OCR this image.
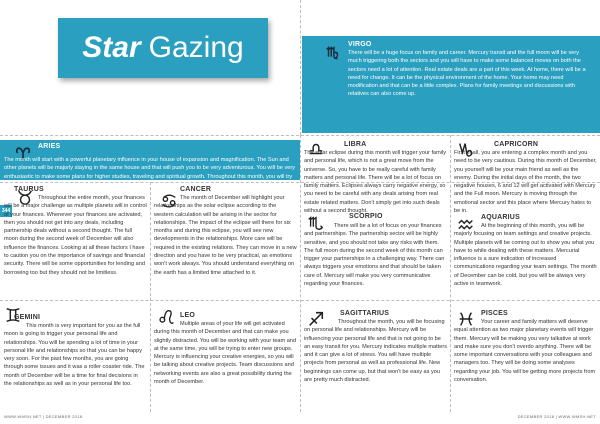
Star Gazing	VIRGO
There will be a huge focus on family and career. Mercury transit and the full moon will be very much triggering both the sectors and you will have to make some balanced moves on both the sectors need a lot of attention. Real estate deals are a part of this week. At home, there will be a need for change. It can be the physical environment of the home. Your home may need modification and that can be a little complex. Plans for family meetings and discussions with relatives can also come up.
ARIES
The month will start with a powerful planetary influence in your house of expansion and magnification. The Sun and other planets will be majorly staying in the same house and that will push you to be very adventurous. You will be very enthusiastic to make some plans for higher studies, traveling and spiritual growth. Throughout this month, you will try to be more spiritual and there will be more interactions with spiritual people.
LIBRA
The solar eclipse during this month will trigger your family and personal life, which is not a great move from the universe. So, you have to be really careful with family matters and personal life. There will be a lot of focus on family matters. Eclipses always carry negative energy, so you need to be careful with any deals arising from real estate related matters. Don't simply get into such deals without a second thought.
CAPRICORN
First of all, you are entering a complex month and you need to be very cautious. During this month of December, you yourself will be your main friend as well as the enemy. During the initial days of the month, the two negative houses, 6 and 12 will get activated with Mercury and the Full moon. Mercury is moving through the emotional sector and this place where Mercury hates to be in.
344
TAURUS
Throughout the entire month, your finances will be a major challenge as multiple planets will in control of your finances. Whenever your finances are activated, then you should not get into any deals, including partnership deals without a second thought. The full moon during the second week of December will also influence the finances. Looking at all these factors I have to caution you on the importance of savings and financial security. There will be some opportunities for lending and borrowing too but they should not be limitless.
CANCER
The month of December will highlight your relationships as the solar eclipse according to the western calculation will be arising in the sector for relationships. The impact of the eclipse will there for six months and during this eclipse, you will see new developments in the relationships. More care will be required in the existing relations. They can move in a new direction and you have to be very practical, as emotions won't work always. You should understand everything on the earth has a limited time attached to it.
SCORPIO
There will be a lot of focus on your finances and partnerships. The partnership sector will be highly sensitive, and you should not take any risks with them. The full moon during the second week of this month can trigger your partnerships in a challenging way. There can always triggers your emotions and that should be taken care of. Mercury will make you very communicative regarding your finances.
AQUARIUS
At the beginning of this month, you will be majorly focusing on team settings and creative projects. Multiple planets will be coming out to show you what you have to while dealing with these matters. Mercurial influence is a sure indication of increased communications regarding your team settings. The month of December can be cold, but you will be always very active in teamwork.
GEMINI
This month is very important for you as the full moon is going to trigger your personal life and relationships. You will be spending a lot of time in your personal life and relationships so that you can be happy very soon. For the past few months, you are going through some issues and it was a roller coaster ride. The month of December will be a time for final decisions in the relationships as well as in your personal life too.
LEO
Multiple areas of your life will get activated during this month of December and that can make you slightly distracted. You will be working with your team and at the same time, you will be trying to enter new groups. Mercury is influencing your creative energies, so you will be talking about creative projects. Team discussions and networking events are also a great possibility during the month of December.
SAGITTARIUS
Throughout the month, you will be focusing on personal life and relationships. Mercury will be influencing your personal life and that is not going to be an easy transit for you. Mercury indicates multiple matters and it can give a lot of stress. You will have multiple projects from personal as well as professional life. New beginnings can come up, but that won't be easy as you are pretty much distracted.
PISCES
Your career and family matters will deserve equal attention as two major planetary events will trigger them. Mercury will be making you very talkative at work and make sure you don't overdo anything. There will be some important conversations with your colleagues and managers too. They will be doing some analyses regarding your job. You will be getting more projects from conversation.
WWW.WMSH.NET | DECEMBER 2018	DECEMBER 2018 | WWW.WMSH.NET
